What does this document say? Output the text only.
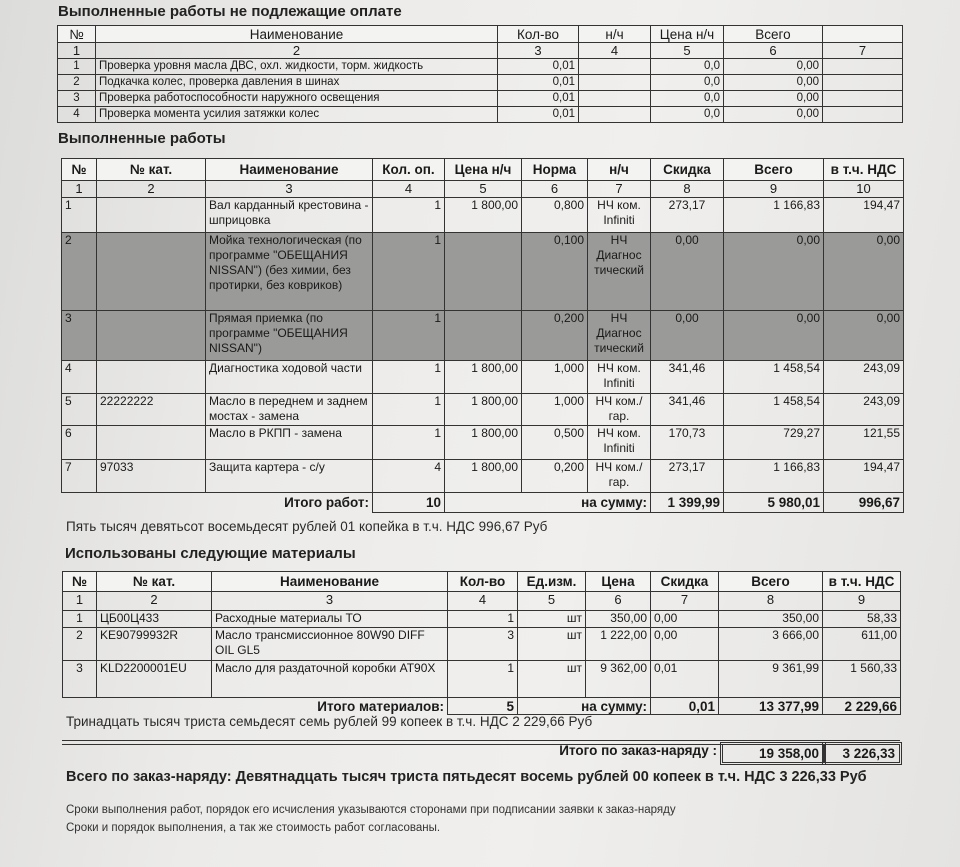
Выполненные работы не подлежащие оплате
№	Наименование	Кол-во	н/ч	Цена н/ч	Всего	
1	2	3	4	5	6	7
1	Проверка уровня масла ДВС, охл. жидкости, торм. жидкость	0,01		0,0	0,00	
2	Подкачка колес, проверка давления в шинах	0,01		0,0	0,00	
3	Проверка работоспособности наружного освещения	0,01		0,0	0,00	
4	Проверка момента усилия затяжки колес	0,01		0,0	0,00	
Выполненные работы
№	№ кат.	Наименование	Кол. оп.	Цена н/ч	Норма	н/ч	Скидка	Всего	в т.ч. НДС
1	2	3	4	5	6	7	8	9	10
1		Вал карданный крестовина - шприцовка	1	1 800,00	0,800	НЧ ком. Infiniti	273,17	1 166,83	194,47
2		Мойка технологическая (по программе "ОБЕЩАНИЯ NISSAN") (без химии, без протирки, без ковриков)	1		0,100	НЧ Диагнос тический	0,00	0,00	0,00
3		Прямая приемка (по программе "ОБЕЩАНИЯ NISSAN")	1		0,200	НЧ Диагнос тический	0,00	0,00	0,00
4		Диагностика ходовой части	1	1 800,00	1,000	НЧ ком. Infiniti	341,46	1 458,54	243,09
5	22222222	Масло в переднем и заднем мостах - замена	1	1 800,00	1,000	НЧ ком./гар.	341,46	1 458,54	243,09
6		Масло в РКПП - замена	1	1 800,00	0,500	НЧ ком. Infiniti	170,73	729,27	121,55
7	97033	Защита картера - с/у	4	1 800,00	0,200	НЧ ком./гар.	273,17	1 166,83	194,47
Итого работ:			10	на сумму:			1 399,99	5 980,01	996,67
Пять тысяч девятьсот восемьдесят рублей 01 копейка в т.ч. НДС 996,67 Руб
Использованы следующие материалы
№	№ кат.	Наименование	Кол-во	Ед.изм.	Цена	Скидка	Всего	в т.ч. НДС
1	2	3	4	5	6	7	8	9
1	ЦБ00Ц433	Расходные материалы ТО	1	шт	350,00	0,00	350,00	58,33
2	KE90799932R	Масло трансмиссионное 80W90 DIFF OIL GL5	3	шт	1 222,00	0,00	3 666,00	611,00
3	KLD2200001EU	Масло для раздаточной коробки AT90X	1	шт	9 362,00	0,01	9 361,99	1 560,33
Итого материалов:			5	на сумму:		0,01	13 377,99	2 229,66
Тринадцать тысяч триста семьдесят семь рублей 99 копеек в т.ч. НДС 2 229,66 Руб
Итого по заказ-наряду :	19 358,00	3 226,33
Всего по заказ-наряду: Девятнадцать тысяч триста пятьдесят восемь рублей 00 копеек в т.ч. НДС 3 226,33 Руб
Сроки выполнения работ, порядок его исчисления указываются сторонами при подписании заявки к заказ-наряду
Сроки и порядок выполнения, а так же стоимость работ согласованы.
